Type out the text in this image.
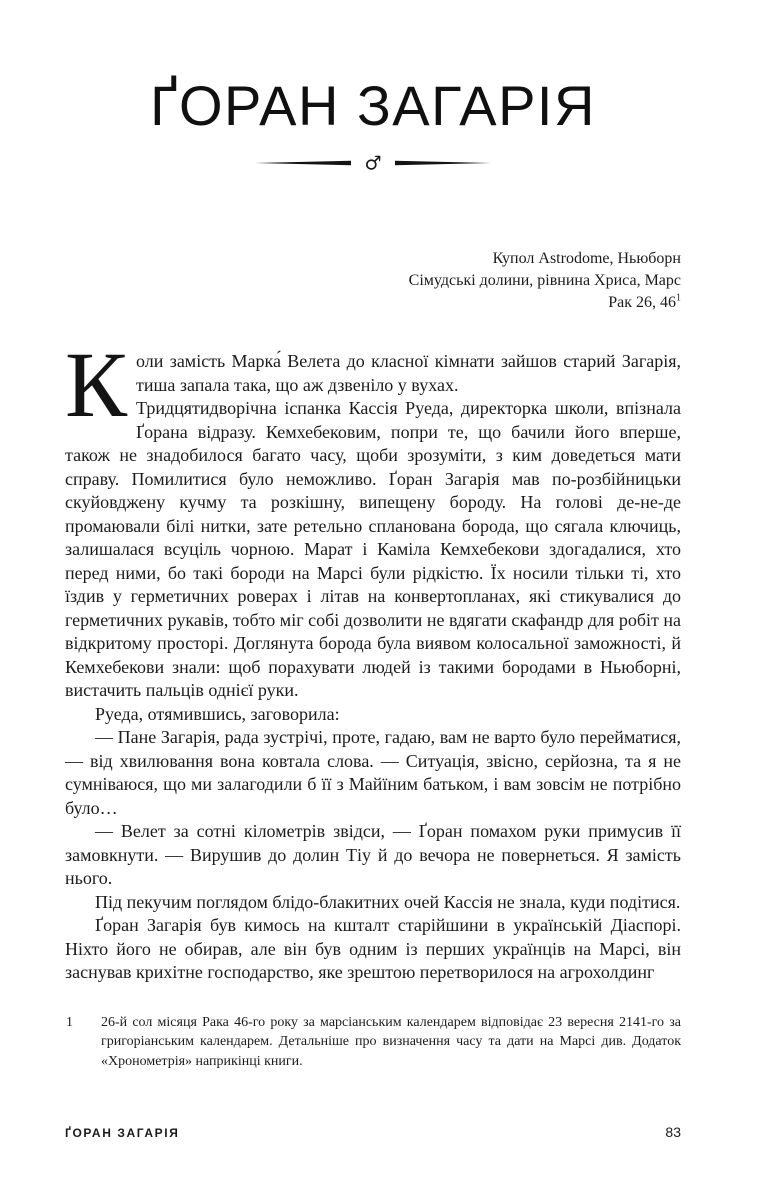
ҐОРАН ЗАГАРІЯ
♂
Купол Astrodome, Ньюборн
Сімудські долини, рівнина Хриса, Марс
Рак 26, $46^1$
К оли замість Марка́ Велета до класної кімнати зайшов старий Загарія, тиша запала така, що аж дзвеніло у вухах.

Тридцятидворічна іспанка Кассія Руеда, директорка школи, впізнала Ґорана відразу. Кемхебековим, попри те, що бачили його вперше, також не знадобилося багато часу, щоби зрозуміти, з ким доведеться мати справу. Помилитися було неможливо. Ґоран Загарія мав по-розбійницьки скуйовджену кучму та розкішну, випещену бороду. На голові де-не-де промаювали білі нитки, зате ретельно спланована борода, що сягала ключиць, залишалася всуціль чорною. Марат і Каміла Кемхебекови здогадалися, хто перед ними, бо такі бороди на Марсі були рідкістю. Їх носили тільки ті, хто їздив у герметичних роверах і літав на конвертопланах, які стикувалися до герметичних рукавів, тобто міг собі дозволити не вдягати скафандр для робіт на відкритому просторі. Доглянута борода була виявом колосальної заможності, й Кемхебекови знали: щоб порахувати людей із такими бородами в Ньюборні, вистачить пальців однієї руки.

Руеда, отямившись, заговорила:

— Пане Загарія, рада зустрічі, проте, гадаю, вам не варто було перейматися, — від хвилювання вона ковтала слова. — Ситуація, звісно, серйозна, та я не сумніваюся, що ми залагодили б її з Майїним батьком, і вам зовсім не потрібно було…

— Велет за сотні кілометрів звідси, — Ґоран помахом руки примусив її замовкнути. — Вирушив до долин Тіу й до вечора не повернеться. Я замість нього.

Під пекучим поглядом блідо-блакитних очей Кассія не знала, куди подітися.

Ґоран Загарія був кимось на кшталт старійшини в українській Діаспорі. Ніхто його не обирав, але він був одним із перших українців на Марсі, він заснував крихітне господарство, яке зрештою перетворилося на агрохолдинг

1 26-й сол місяця Рака 46-го року за марсіанським календарем відповідає 23 вересня 2141-го за григоріанським календарем. Детальніше про визначення часу та дати на Марсі див. Додаток «Хронометрія» наприкінці книги.
ҐОРАН ЗАГАРІЯ	83
